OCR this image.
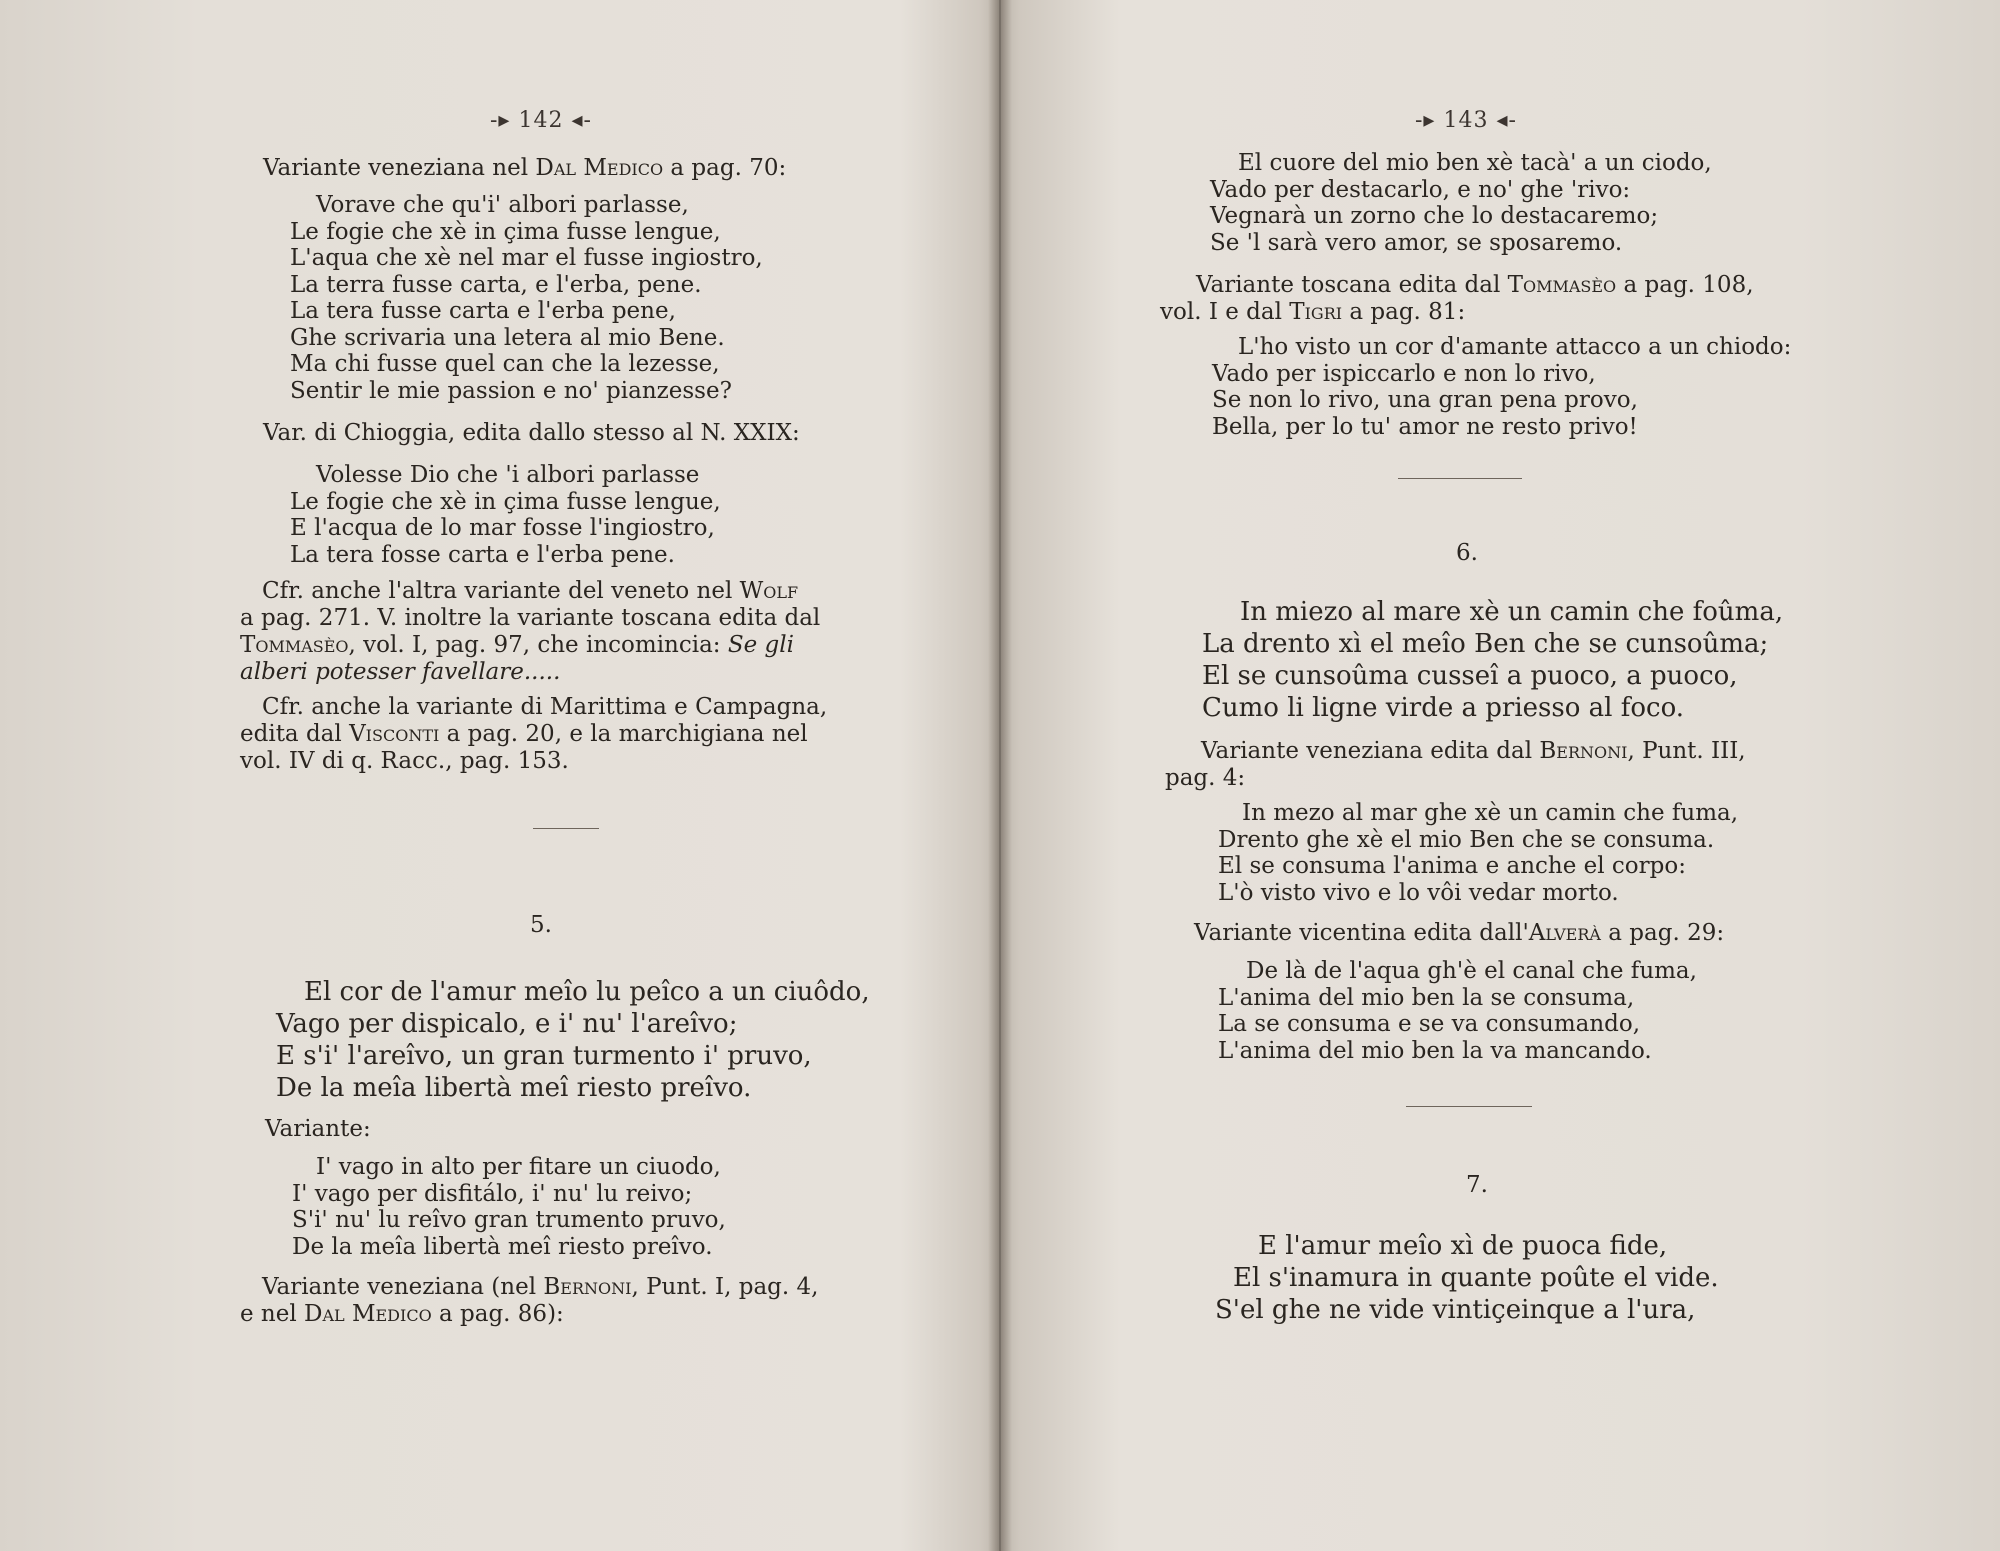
-▸ 142 ◂-
Variante veneziana nel Dal Medico a pag. 70:
Vorave che qu'i' albori parlasse,
Le fogie che xè in çima fusse lengue,
L'aqua che xè nel mar el fusse ingiostro,
La terra fusse carta, e l'erba, pene.
La tera fusse carta e l'erba pene,
Ghe scrivaria una letera al mio Bene.
Ma chi fusse quel can che la lezesse,
Sentir le mie passion e no' pianzesse?
Var. di Chioggia, edita dallo stesso al N. XXIX:
Volesse Dio che 'i albori parlasse
Le fogie che xè in çima fusse lengue,
E l'acqua de lo mar fosse l'ingiostro,
La tera fosse carta e l'erba pene.
Cfr. anche l'altra variante del veneto nel Wolf
a pag. 271. V. inoltre la variante toscana edita dal
Tommasèo, vol. I, pag. 97, che incomincia: Se gli
alberi potesser favellare.....
Cfr. anche la variante di Marittima e Campagna,
edita dal Visconti a pag. 20, e la marchigiana nel
vol. IV di q. Racc., pag. 153.
5.
El cor de l'amur meîo lu peîco a un ciuôdo,
Vago per dispicalo, e i' nu' l'areîvo;
E s'i' l'areîvo, un gran turmento i' pruvo,
De la meîa libertà meî riesto preîvo.
Variante:
I' vago in alto per fitare un ciuodo,
I' vago per disfitálo, i' nu' lu reivo;
S'i' nu' lu reîvo gran trumento pruvo,
De la meîa libertà meî riesto preîvo.
Variante veneziana (nel Bernoni, Punt. I, pag. 4,
e nel Dal Medico a pag. 86):
-▸ 143 ◂-
El cuore del mio ben xè tacà' a un ciodo,
Vado per destacarlo, e no' ghe 'rivo:
Vegnarà un zorno che lo destacaremo;
Se 'l sarà vero amor, se sposaremo.
Variante toscana edita dal Tommasèo a pag. 108,
vol. I e dal Tigri a pag. 81:
L'ho visto un cor d'amante attacco a un chiodo:
Vado per ispiccarlo e non lo rivo,
Se non lo rivo, una gran pena provo,
Bella, per lo tu' amor ne resto privo!
6.
In miezo al mare xè un camin che foûma,
La drento xì el meîo Ben che se cunsoûma;
El se cunsoûma cusseî a puoco, a puoco,
Cumo li ligne virde a priesso al foco.
Variante veneziana edita dal Bernoni, Punt. III,
pag. 4:
In mezo al mar ghe xè un camin che fuma,
Drento ghe xè el mio Ben che se consuma.
El se consuma l'anima e anche el corpo:
L'ò visto vivo e lo vôi vedar morto.
Variante vicentina edita dall'Alverà a pag. 29:
De là de l'aqua gh'è el canal che fuma,
L'anima del mio ben la se consuma,
La se consuma e se va consumando,
L'anima del mio ben la va mancando.
7.
E l'amur meîo xì de puoca fide,
El s'inamura in quante poûte el vide.
S'el ghe ne vide vintiçeinque a l'ura,
